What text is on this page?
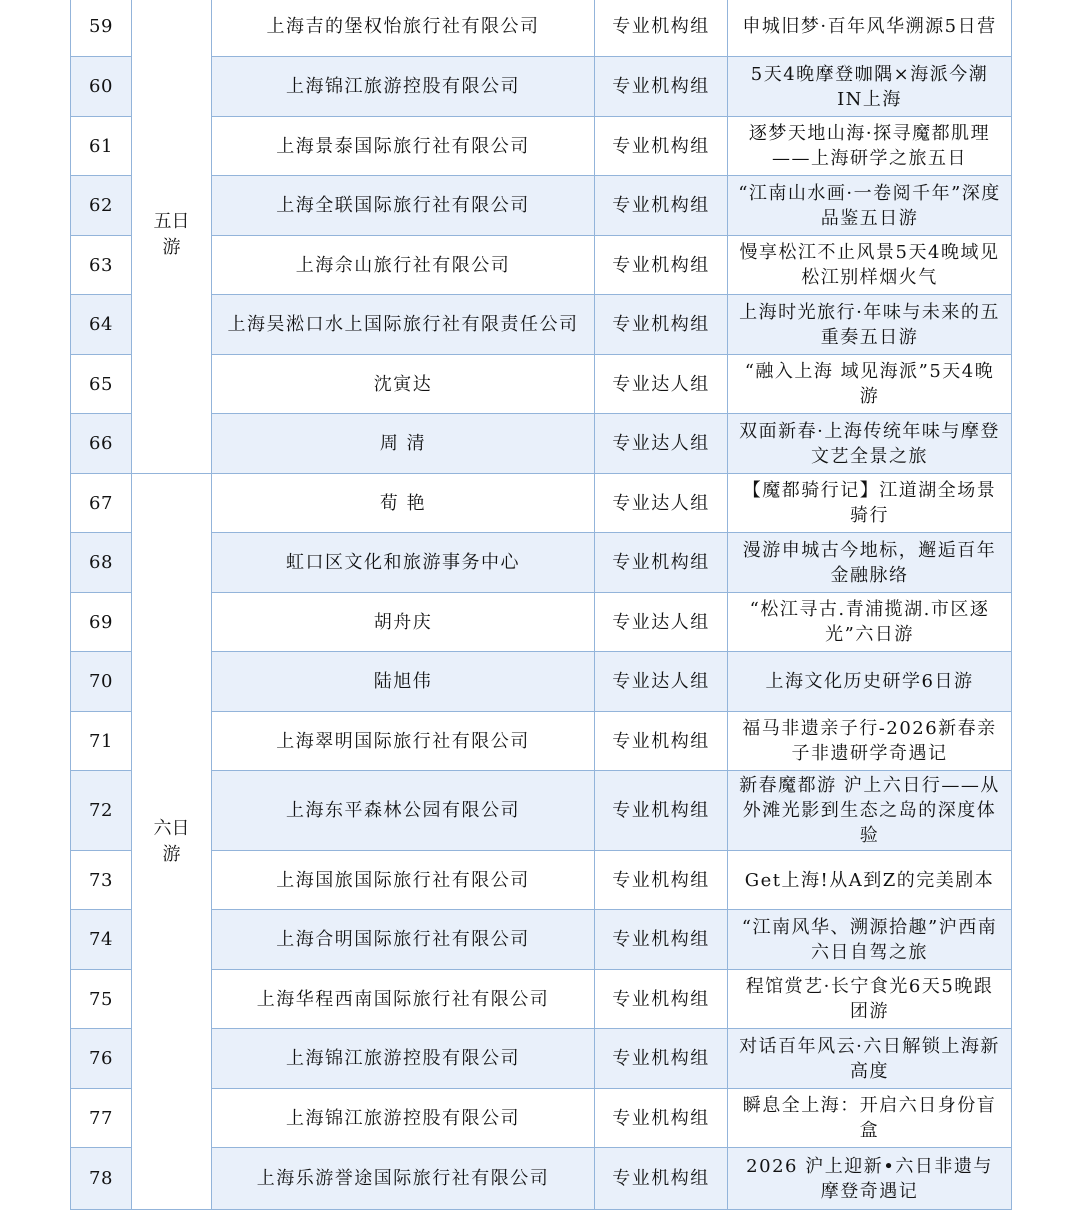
59	五日游	上海吉的堡权怡旅行社有限公司	专业机构组	申城旧梦·百年风华溯源5日营
60		上海锦江旅游控股有限公司	专业机构组	5天4晚摩登咖隅×海派今潮IN上海
61		上海景泰国际旅行社有限公司	专业机构组	逐梦天地山海·探寻魔都肌理——上海研学之旅五日
62		上海全联国际旅行社有限公司	专业机构组	“江南山水画·一卷阅千年”深度品鉴五日游
63		上海佘山旅行社有限公司	专业机构组	慢享松江不止风景5天4晚域见松江别样烟火气
64		上海吴淞口水上国际旅行社有限责任公司	专业机构组	上海时光旅行·年味与未来的五重奏五日游
65		沈寅达	专业达人组	“融入上海 域见海派”5天4晚游
66		周 清	专业达人组	双面新春·上海传统年味与摩登文艺全景之旅
67	六日游	荀 艳	专业达人组	【魔都骑行记】江道湖全场景骑行
68		虹口区文化和旅游事务中心	专业机构组	漫游申城古今地标，邂逅百年金融脉络
69		胡舟庆	专业达人组	“松江寻古.青浦揽湖.市区逐光”六日游
70		陆旭伟	专业达人组	上海文化历史研学6日游
71		上海翠明国际旅行社有限公司	专业机构组	福马非遗亲子行-2026新春亲子非遗研学奇遇记
72		上海东平森林公园有限公司	专业机构组	新春魔都游 沪上六日行——从外滩光影到生态之岛的深度体验
73		上海国旅国际旅行社有限公司	专业机构组	Get上海!从A到Z的完美剧本
74		上海合明国际旅行社有限公司	专业机构组	“江南风华、溯源拾趣”沪西南六日自驾之旅
75		上海华程西南国际旅行社有限公司	专业机构组	程馆赏艺·长宁食光6天5晚跟团游
76		上海锦江旅游控股有限公司	专业机构组	对话百年风云·六日解锁上海新高度
77		上海锦江旅游控股有限公司	专业机构组	瞬息全上海：开启六日身份盲盒
78		上海乐游誉途国际旅行社有限公司	专业机构组	2026 沪上迎新•六日非遗与摩登奇遇记
